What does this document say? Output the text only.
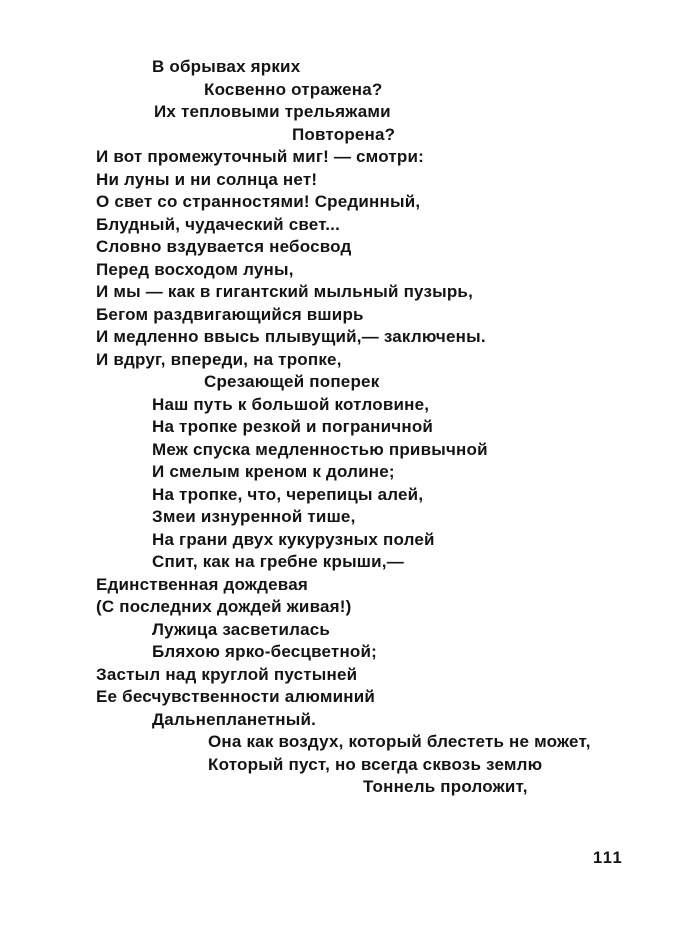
В обрывах ярких
Косвенно отражена?
Их тепловыми трельяжами
Повторена?
И вот промежуточный миг! — смотри:
Ни луны и ни солнца нет!
О свет со странностями! Срединный,
Блудный, чудаческий свет...
Словно вздувается небосвод
Перед восходом луны,
И мы — как в гигантский мыльный пузырь,
Бегом раздвигающийся вширь
И медленно ввысь плывущий,— заключены.
И вдруг, впереди, на тропке,
Срезающей поперек
Наш путь к большой котловине,
На тропке резкой и пограничной
Меж спуска медленностью привычной
И смелым креном к долине;
На тропке, что, черепицы алей,
Змеи изнуренной тише,
На грани двух кукурузных полей
Спит, как на гребне крыши,—
Единственная дождевая
(С последних дождей живая!)
Лужица засветилась
Бляхою ярко-бесцветной;
Застыл над круглой пустыней
Ее бесчувственности алюминий
Дальнепланетный.
Она как воздух, который блестеть не может,
Который пуст, но всегда сквозь землю
Тоннель проложит,
111
